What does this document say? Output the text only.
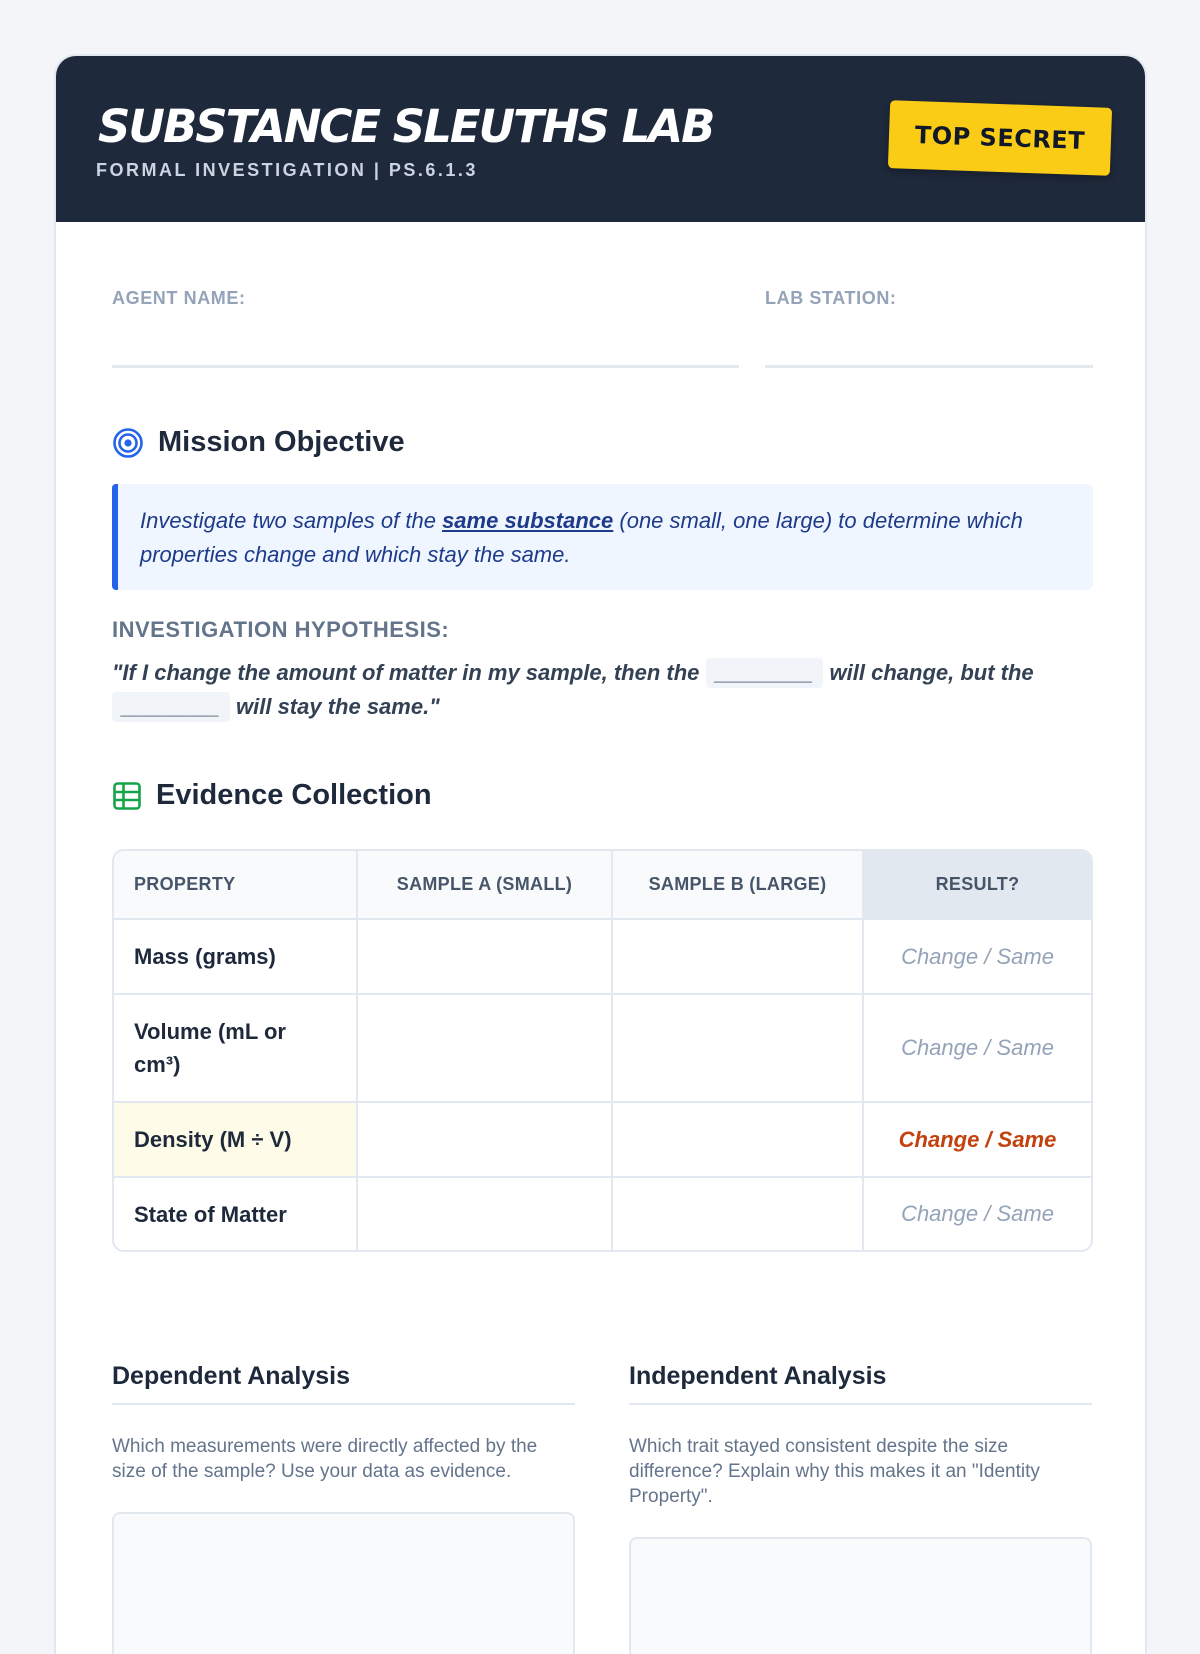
SUBSTANCE SLEUTHS LAB
FORMAL INVESTIGATION | PS.6.1.3
TOP SECRET
AGENT NAME:	LAB STATION:
Mission Objective
Investigate two samples of the same substance (one small, one large) to determine which properties change and which stay the same.
INVESTIGATION HYPOTHESIS:
"If I change the amount of matter in my sample, then the ________ will change, but the ________ will stay the same."
Evidence Collection
PROPERTY	SAMPLE A (SMALL)	SAMPLE B (LARGE)	RESULT?
Mass (grams)			Change / Same
Volume (mL or cm³)			Change / Same
Density (M ÷ V)			Change / Same
State of Matter			Change / Same
Dependent Analysis
Which measurements were directly affected by the size of the sample? Use your data as evidence.
Independent Analysis
Which trait stayed consistent despite the size difference? Explain why this makes it an "Identity Property".
